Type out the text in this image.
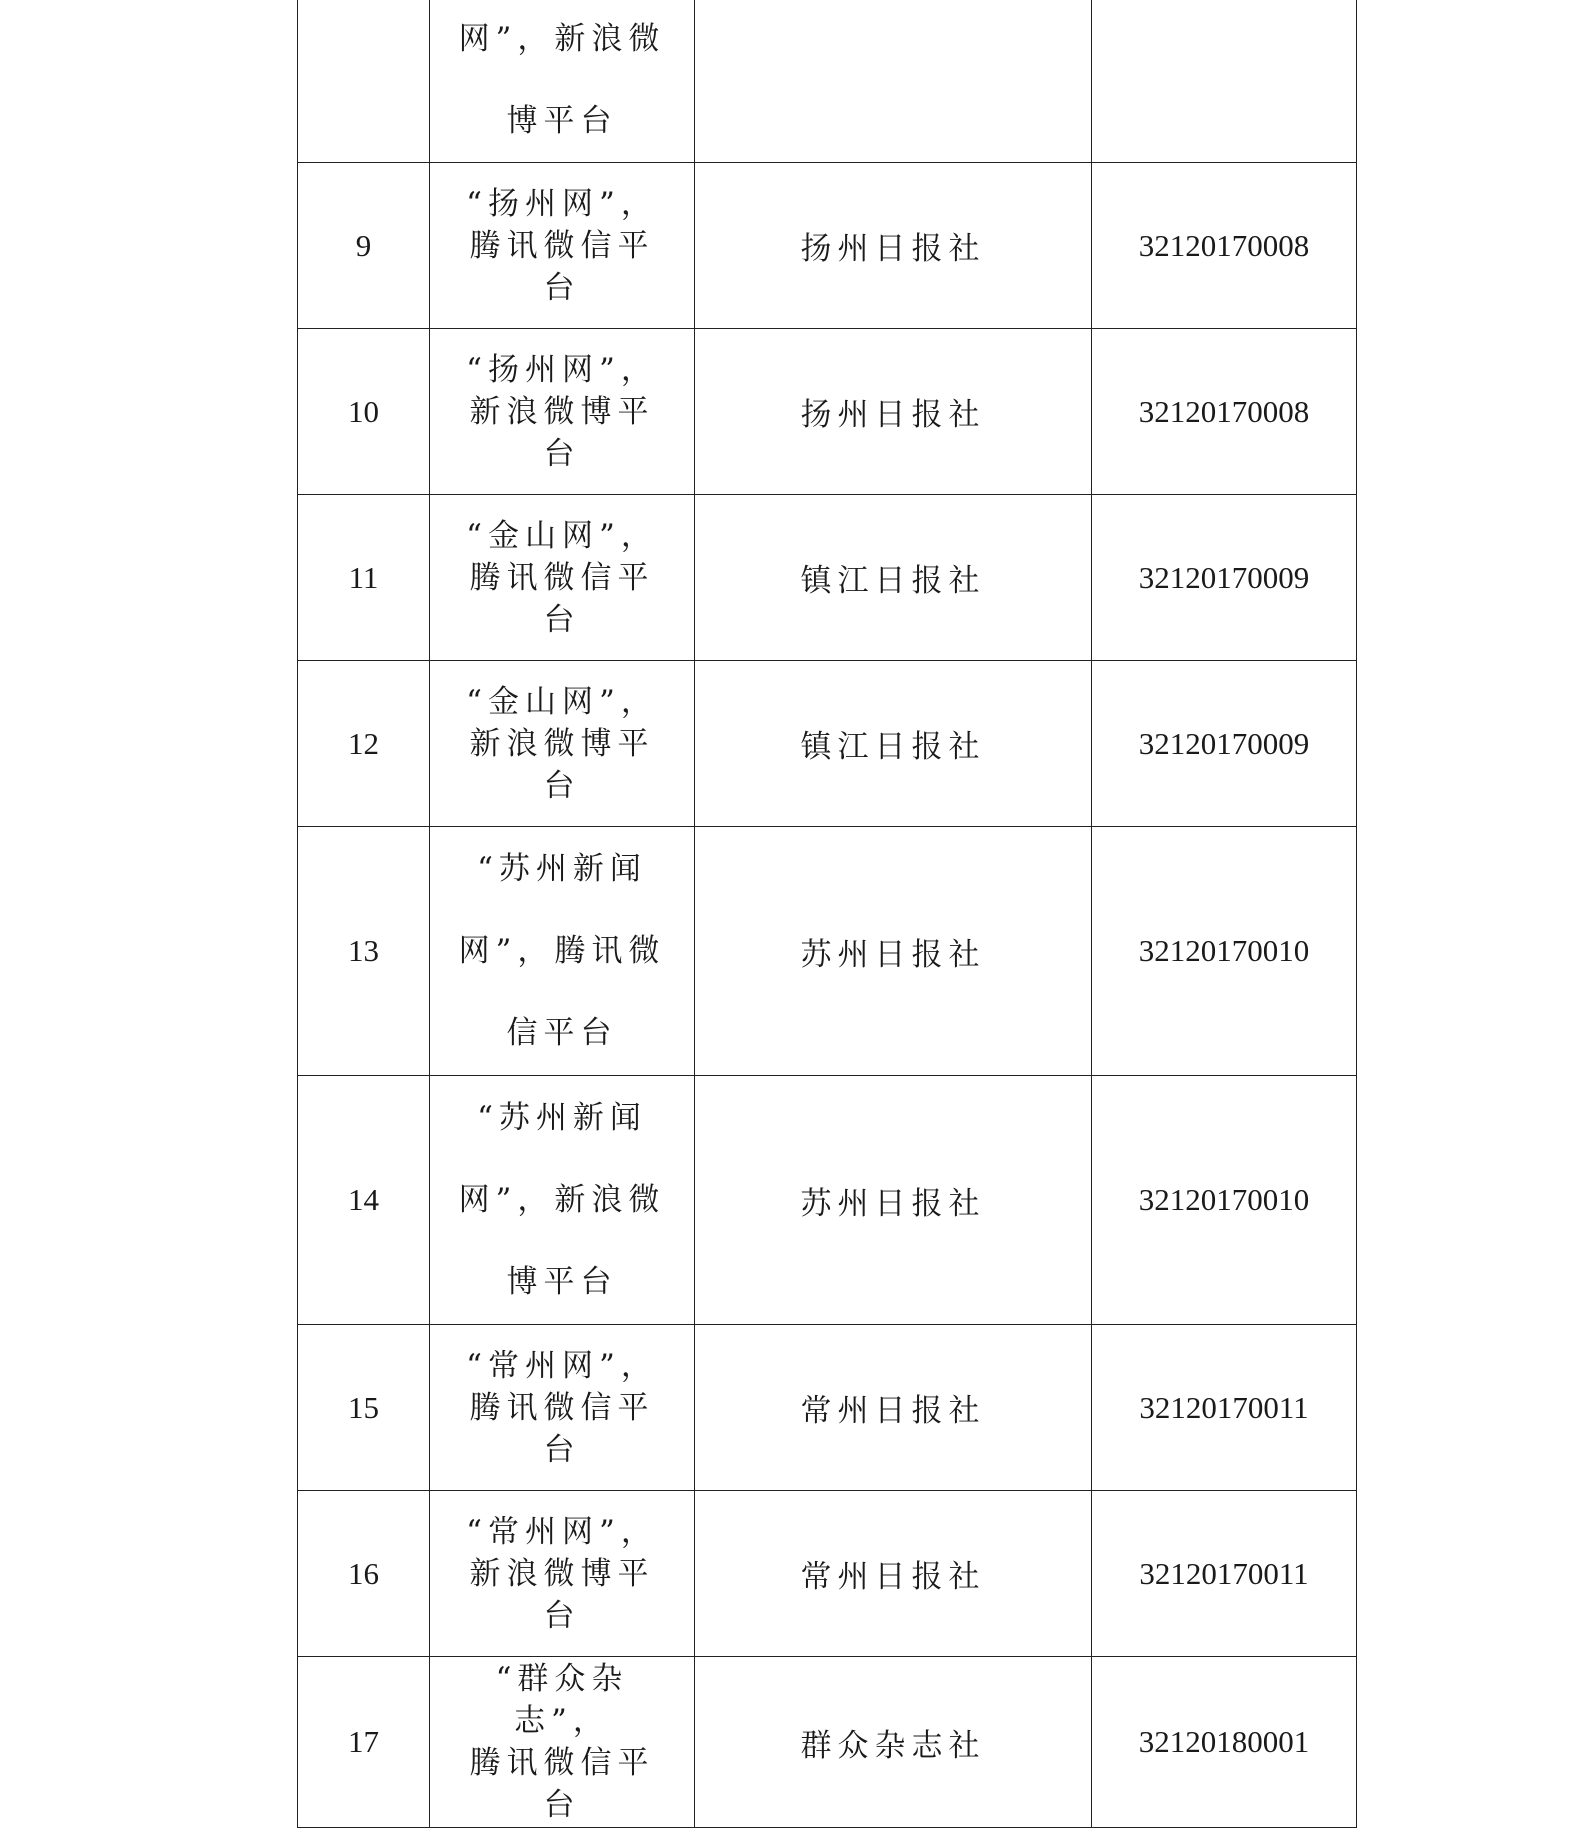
	网”，新浪微
博平台		

9	“扬州网”，
腾讯微信平台	扬州日报社	32120170008
10	“扬州网”，
新浪微博平台	扬州日报社	32120170008
11	“金山网”，
腾讯微信平台	镇江日报社	32120170009
12	“金山网”，
新浪微博平台	镇江日报社	32120170009
13	“苏州新闻
网”，腾讯微
信平台	苏州日报社	32120170010
14	“苏州新闻
网”，新浪微
博平台	苏州日报社	32120170010
15	“常州网”，
腾讯微信平台	常州日报社	32120170011
16	“常州网”，
新浪微博平台	常州日报社	32120170011
17	“群众杂志”，
腾讯微信平台	群众杂志社	32120180001
